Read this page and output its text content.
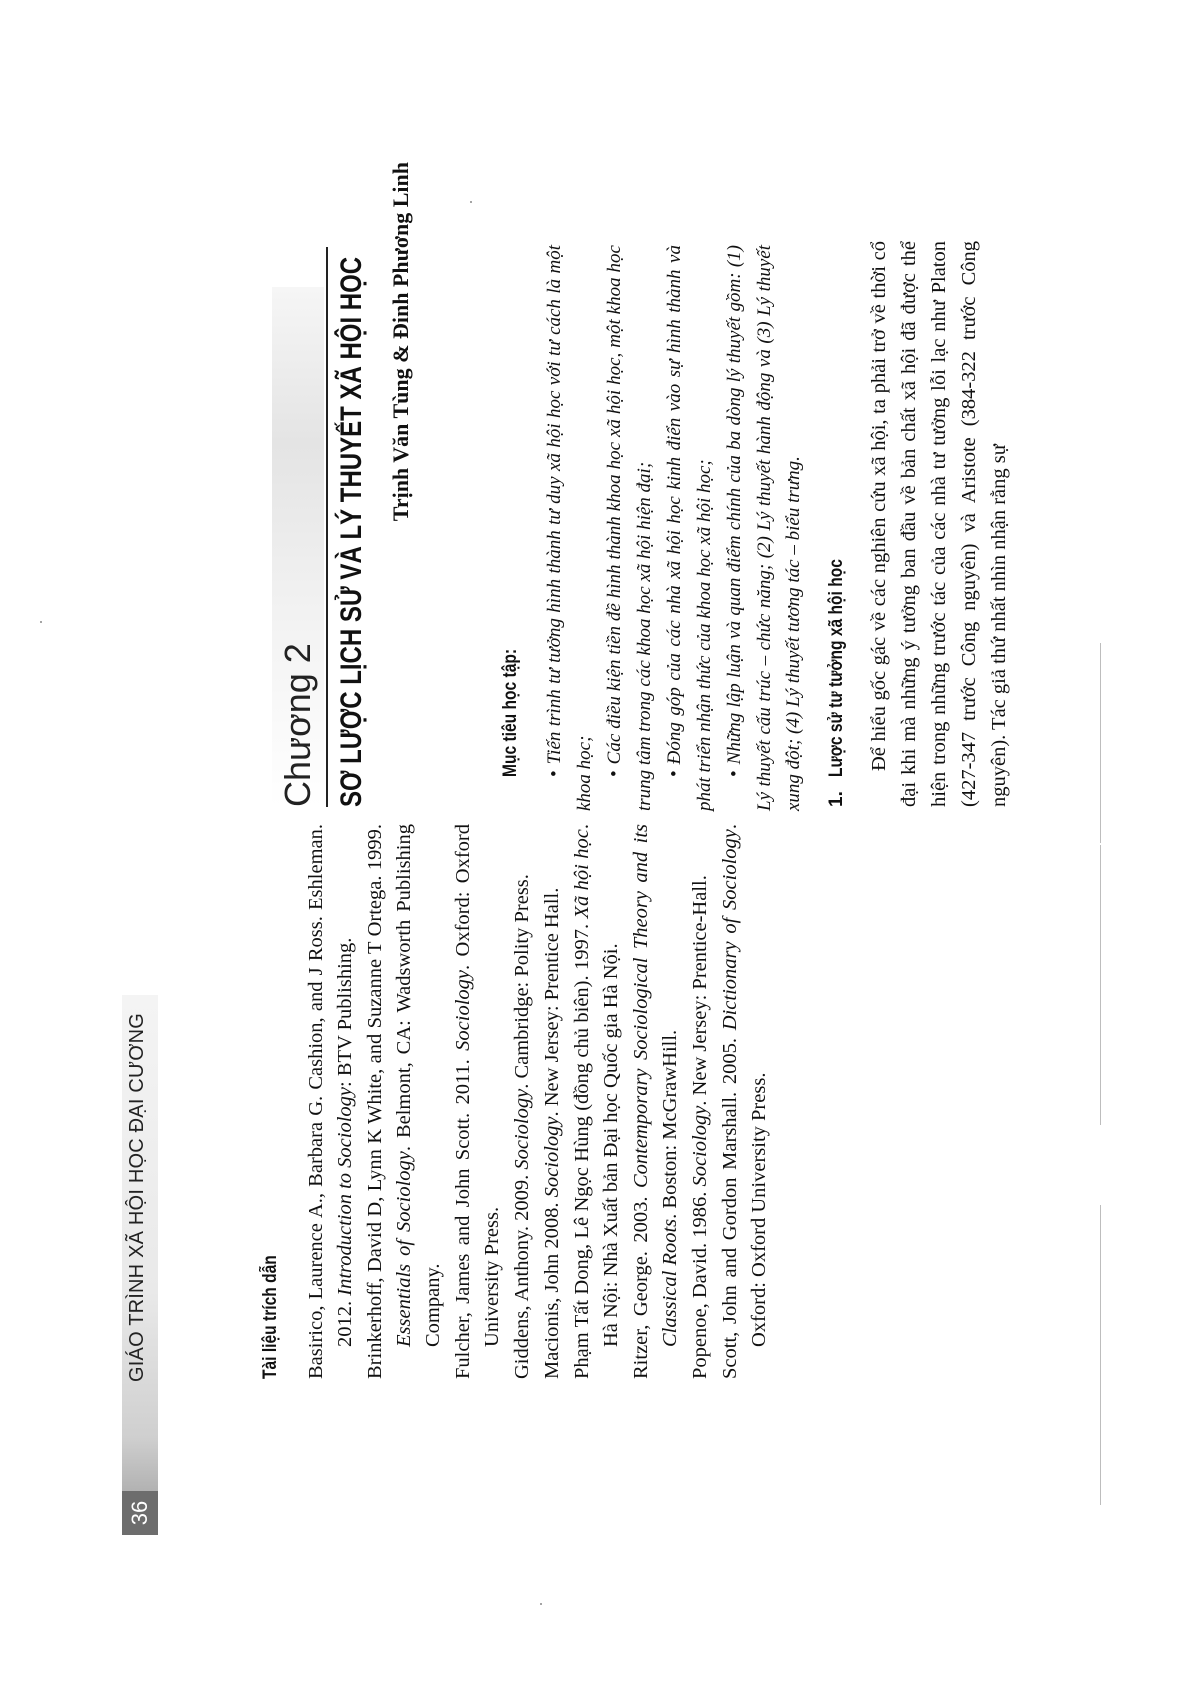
36
GIÁO TRÌNH XÃ HỘI HỌC ĐẠI CƯƠNG	Tài liệu trích dẫn Basirico, Laurence A., Barbara G. Cashion, and J Ross. Eshleman. 2012. Introduction to Sociology: BTV Publishing. Brinkerhoff, David D, Lynn K White, and Suzanne T Ortega. 1999. Essentials of Sociology. Belmont, CA: Wadsworth Publishing Company. Fulcher, James and John Scott. 2011. Sociology. Oxford: Oxford University Press. Giddens, Anthony. 2009. Sociology. Cambridge: Polity Press.
Macionis, John 2008. Sociology. New Jersey: Prentice Hall. Phạm Tất Dong, Lê Ngọc Hùng (đồng chủ biên). 1997. Xã hội học. Hà Nội: Nhà Xuất bản Đại học Quốc gia Hà Nội. Ritzer, George. 2003. Contemporary Sociological Theory and its Classical Roots. Boston: McGrawHill.
Popenoe, David. 1986. Sociology. New Jersey: Prentice-Hall.
Scott, John and Gordon Marshall. 2005. Dictionary of Sociology. Oxford: Oxford University Press.
Chương 2 SƠ LƯỢC LỊCH SỬ VÀ LÝ THUYẾT XÃ HỘI HỌC Trịnh Văn Tùng & Đinh Phương Linh
Mục tiêu học tập: • Tiến trình tư tưởng hình thành tư duy xã hội học với tư cách là một khoa học;
• Các điều kiện tiền đề hình thành khoa học xã hội học, một khoa học trung tâm trong các khoa học xã hội hiện đại; • Đóng góp của các nhà xã hội học kinh điển vào sự hình thành và phát triển nhận thức của khoa học xã hội học; • Những lập luận và quan điểm chính của ba dòng lý thuyết gồm: (1) Lý thuyết cấu trúc – chức năng; (2) Lý thuyết hành động và (3) Lý thuyết xung đột; (4) Lý thuyết tương tác – biểu trưng. 1.
Lược sử tư tưởng xã hội học Để hiểu gốc gác về các nghiên cứu xã hội, ta phải trở về thời cổ đại khi mà những ý tưởng ban đầu về bản chất xã hội đã được thể hiện trong những trước tác của các nhà tư tưởng lỗi lạc như Platon (427-347 trước Công nguyên) và Aristote (384-322 trước Công nguyên). Tác giả thứ nhất nhìn nhận rằng sự
